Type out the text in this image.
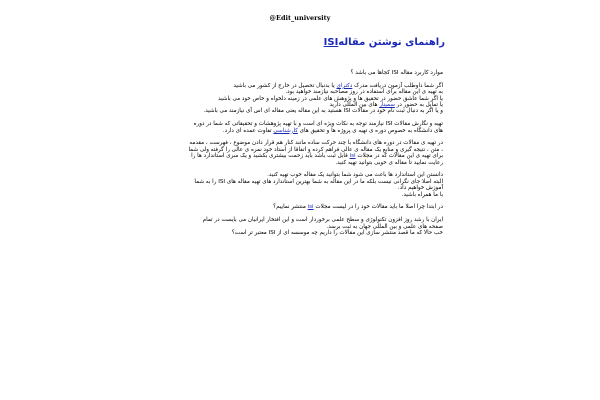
@Edit_university
راهنمای نوشتن مقالهISI

موارد کاربرد مقاله ISI کجاها می باشد ؟

اگر شما داوطلب آزمون دریافت مدرک دکترای یا بدنبال تحصیل در خارج از کشور می باشید
به تهیه ی این مقاله برای استفاده در روز مصاحبه نیازمند خواهید بود.
یا اگر شما عاشق حضور در تحقیق ها و پژوهش های علمی در زمینه دلخواه و خاص خود می باشید
یا تمایل به حضور در سمینار های بین المللی دارید
و یا اگر به دنبال ثبت نام خود در مقالات ISI هستید به این مقاله یعنی مقاله ای اس آی نیازمند می باشید.

تهیه و نگارش مقالات ISI نیازمند توجه به نکات ویژه ای است و با تهیه پژوهشات و تحقیقاتی که شما در دوره های دانشگاه به خصوص دوره ی تهیه ی پروژه ها و تحقیق های کارشناسی تفاوت عمده ای دارد.

در تهیه ی مقالات در دوره های دانشگاه با چند حرکت ساده مانند کنار هم قرار دادن موضوع ، فهرست ، مقدمه ، متن ، نتیجه گیری و منابع یک مقاله ی عالی فراهم کرده و اتفاقا از استاد خود نمره ی عالی را گرفته ولی شما برای تهیه ی این مقالات که در مجلات isi قابل ثبت باشد باید زحمت بیشتری بکشید و یک سری استاندارد ها را رعایت نمایید تا مقاله ی خوبی بتوانید تهیه کنید.

دانستن این استاندارد ها باعث می شود شما بتوانید یک مقاله خوب تهیه کنید.
البته اصلا جای نگرانی نیست بلکه ما در این مقاله به شما بهترین استاندارد های تهیه مقاله های ISI را به شما آموزش خواهیم داد.
با ما همراه باشید.

در ابتدا چرا اصلا ما باید مقالات خود را در لیست مجلات isi منتشر نماییم؟

ایران با رشد روز افزون تکنولوژی و سطح علمی برخوردار است و این افتخار ایرانیان می بایست در تمام صفحه های علمی و بین المللی جهان به ثبت برسد.
خب حالا که ما قصد منتشر سازی این مقالات را داریم چه موسسه ای از ISI معتبر تر است؟
